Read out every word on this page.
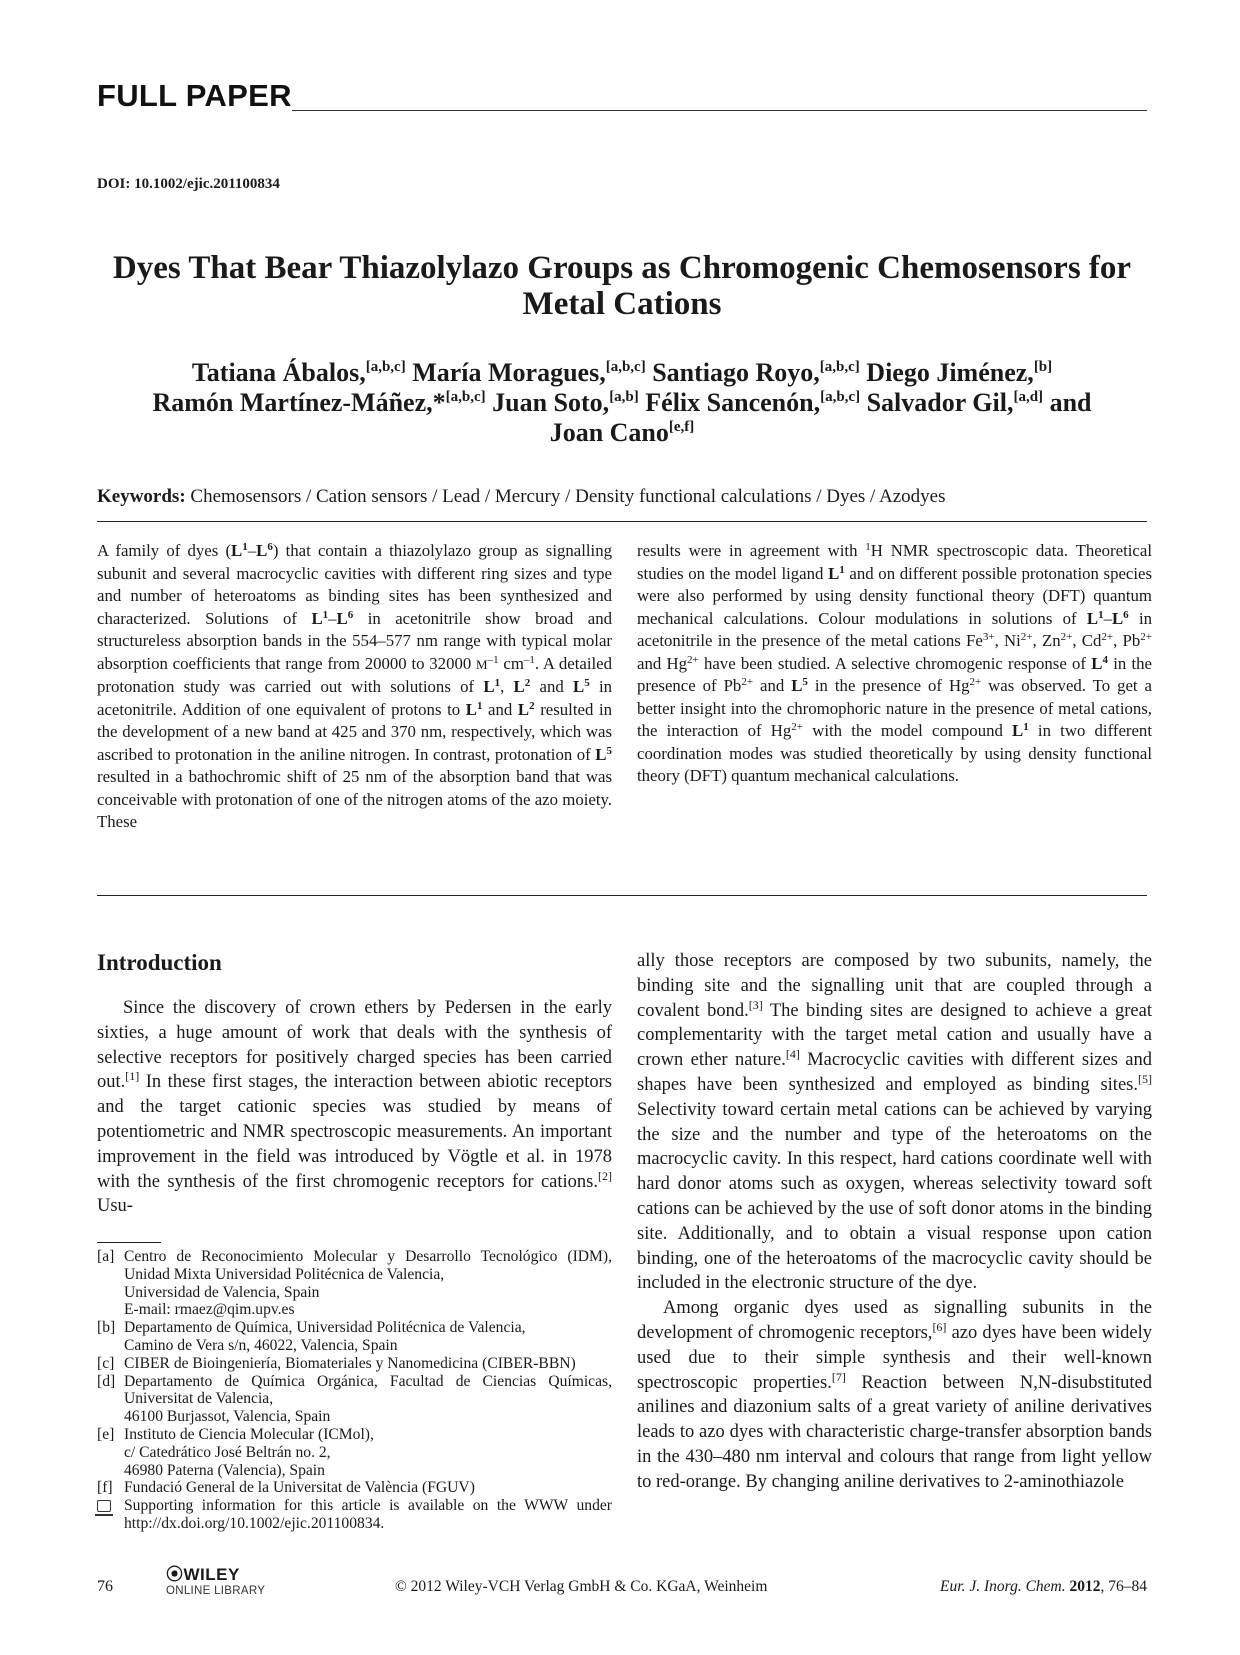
FULL PAPER
DOI: 10.1002/ejic.201100834
Dyes That Bear Thiazolylazo Groups as Chromogenic Chemosensors for Metal Cations
Tatiana Ábalos,[a,b,c] María Moragues,[a,b,c] Santiago Royo,[a,b,c] Diego Jiménez,[b]
Ramón Martínez-Máñez,*[a,b,c] Juan Soto,[a,b] Félix Sancenón,[a,b,c] Salvador Gil,[a,d] and
Joan Cano[e,f]
Keywords: Chemosensors / Cation sensors / Lead / Mercury / Density functional calculations / Dyes / Azodyes
A family of dyes $(L^1-L^6)$ that contain a thiazolylazo group as signalling subunit and several macrocyclic cavities with different ring sizes and type and number of heteroatoms as binding sites has been synthesized and characterized. Solutions of $L^1-L^6$ in acetonitrile show broad and structureless absorption bands in the 554–577 nm range with typical molar absorption coefficients that range from 20000 to 32000 $M^{-1}$ $cm^{-1}$. A detailed protonation study was carried out with solutions of $L^1$, $L^2$ and $L^5$ in acetonitrile. Addition of one equivalent of protons to $L^1$ and $L^2$ resulted in the development of a new band at 425 and 370 nm, respectively, which was ascribed to protonation in the aniline nitrogen. In contrast, protonation of $L^5$ resulted in a bathochromic shift of 25 nm of the absorption band that was conceivable with protonation of one of the nitrogen atoms of the azo moiety. These
results were in agreement with $^1$H NMR spectroscopic data. Theoretical studies on the model ligand $L^1$ and on different possible protonation species were also performed by using density functional theory (DFT) quantum mechanical calculations. Colour modulations in solutions of $L^1-L^6$ in acetonitrile in the presence of the metal cations $Fe^{3+}$, $Ni^{2+}$, $Zn^{2+}$, $Cd^{2+}$, $Pb^{2+}$ and $Hg^{2+}$ have been studied. A selective chromogenic response of $L^4$ in the presence of $Pb^{2+}$ and $L^5$ in the presence of $Hg^{2+}$ was observed. To get a better insight into the chromophoric nature in the presence of metal cations, the interaction of $Hg^{2+}$ with the model compound $L^1$ in two different coordination modes was studied theoretically by using density functional theory (DFT) quantum mechanical calculations.
Introduction

Since the discovery of crown ethers by Pedersen in the early sixties, a huge amount of work that deals with the synthesis of selective receptors for positively charged species has been carried out.[1] In these first stages, the interaction between abiotic receptors and the target cationic species was studied by means of potentiometric and NMR spectroscopic measurements. An important improvement in the field was introduced by Vögtle et al. in 1978 with the synthesis of the first chromogenic receptors for cations.[2] Usu-

ally those receptors are composed by two subunits, namely, the binding site and the signalling unit that are coupled through a covalent bond.[3] The binding sites are designed to achieve a great complementarity with the target metal cation and usually have a crown ether nature.[4] Macrocyclic cavities with different sizes and shapes have been synthesized and employed as binding sites.[5] Selectivity toward certain metal cations can be achieved by varying the size and the number and type of the heteroatoms on the macrocyclic cavity. In this respect, hard cations coordinate well with hard donor atoms such as oxygen, whereas selectivity toward soft cations can be achieved by the use of soft donor atoms in the binding site. Additionally, and to obtain a visual response upon cation binding, one of the heteroatoms of the macrocyclic cavity should be included in the electronic structure of the dye.

Among organic dyes used as signalling subunits in the development of chromogenic receptors,[6] azo dyes have been widely used due to their simple synthesis and their well-known spectroscopic properties.[7] Reaction between N,N-disubstituted anilines and diazonium salts of a great variety of aniline derivatives leads to azo dyes with characteristic charge-transfer absorption bands in the 430–480 nm interval and colours that range from light yellow to red-orange. By changing aniline derivatives to 2-aminothiazole

[a] Centro de Reconocimiento Molecular y Desarrollo Tecnológico (IDM), Unidad Mixta Universidad Politécnica de Valencia,
Universidad de Valencia, Spain
E-mail: rmaez@qim.upv.es
[b] Departamento de Química, Universidad Politécnica de Valencia,
Camino de Vera s/n, 46022, Valencia, Spain
[c] CIBER de Bioingeniería, Biomateriales y Nanomedicina (CIBER-BBN)
[d] Departamento de Química Orgánica, Facultad de Ciencias Químicas, Universitat de Valencia,
46100 Burjassot, Valencia, Spain
[e] Instituto de Ciencia Molecular (ICMol),
c/ Catedrático José Beltrán no. 2,
46980 Paterna (Valencia), Spain
[f] Fundació General de la Universitat de València (FGUV)
Supporting information for this article is available on the WWW under http://dx.doi.org/10.1002/ejic.201100834.
76
⦿WILEY
ONLINE LIBRARY	© 2012 Wiley-VCH Verlag GmbH & Co. KGaA, Weinheim	Eur. J. Inorg. Chem. 2012, 76–84
